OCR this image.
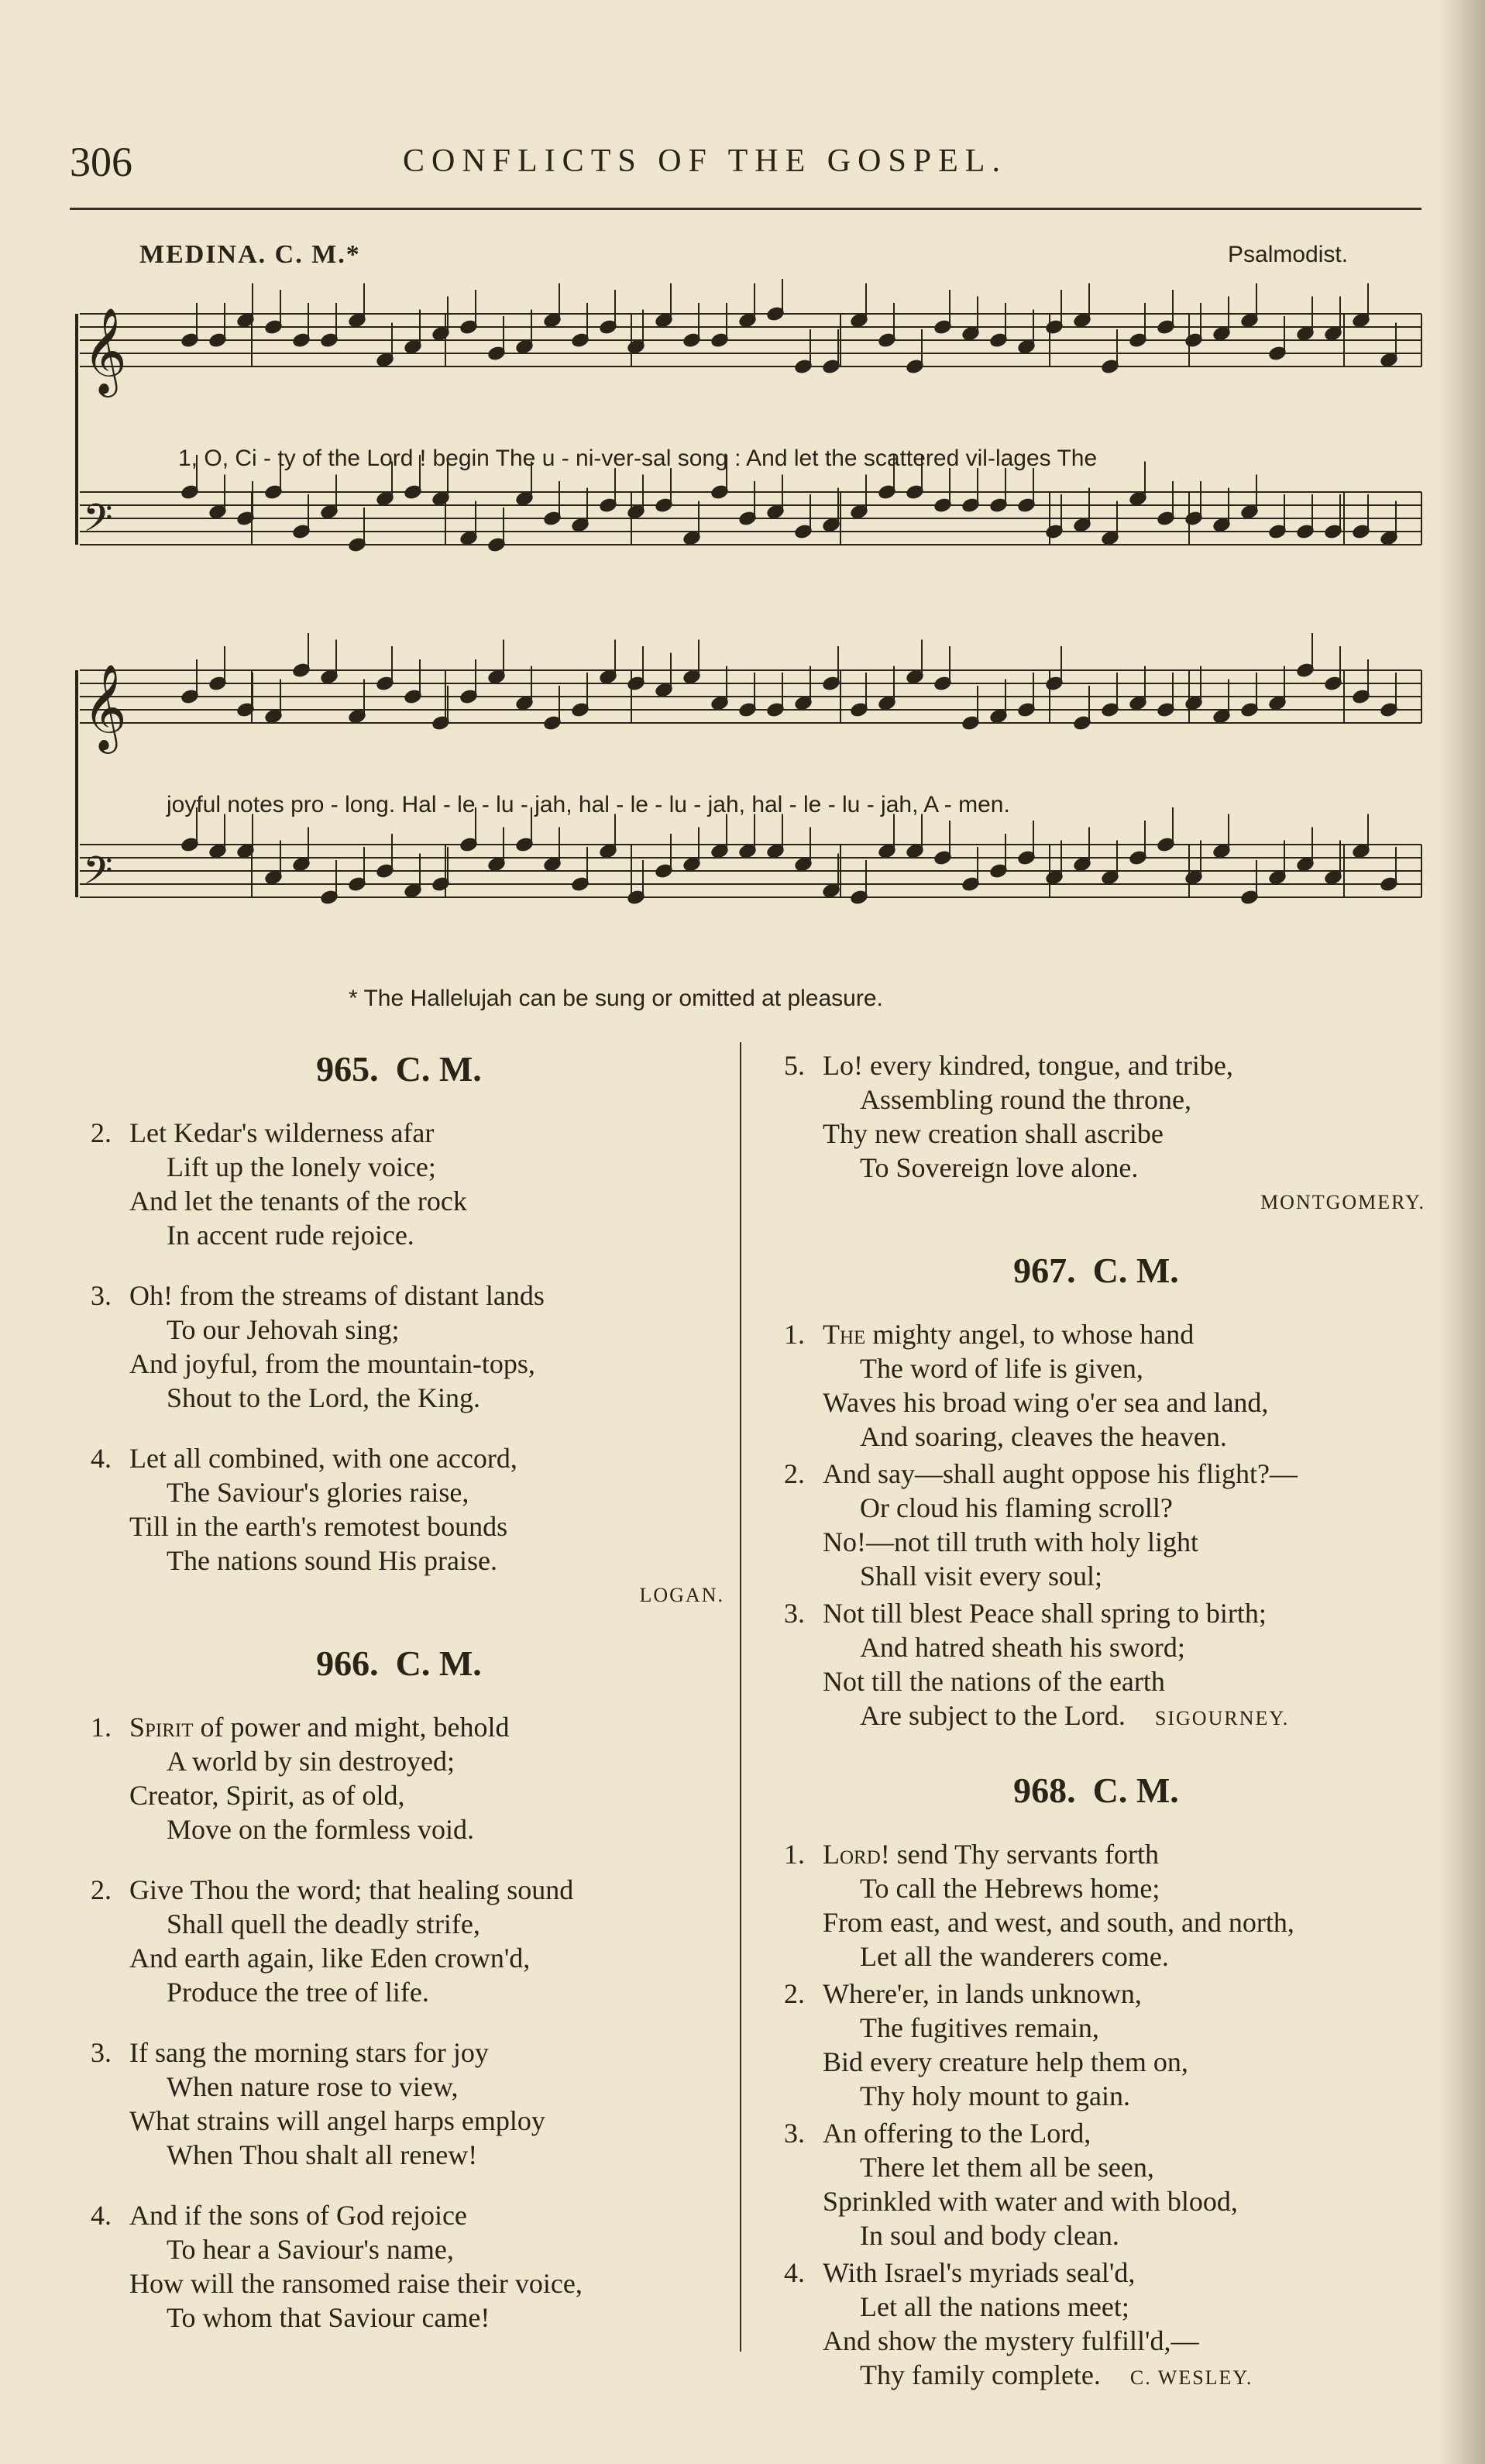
306	CONFLICTS OF THE GOSPEL.
MEDINA. C. M.*	Psalmodist.
𝄞
𝄢
𝄞
𝄢
1, O, Ci - ty of the Lord ! begin The u - ni-ver-sal song : And let the scattered vil-lages The
joyful notes pro - long. Hal - le - lu - jah, hal - le - lu - jah, hal - le - lu - jah, A - men.
* The Hallelujah can be sung or omitted at pleasure.
965. C. M.
2. Let Kedar's wilderness afar
Lift up the lonely voice;
And let the tenants of the rock
In accent rude rejoice.
3. Oh! from the streams of distant lands
To our Jehovah sing;
And joyful, from the mountain-tops,
Shout to the Lord, the King.
4. Let all combined, with one accord,
The Saviour's glories raise,
Till in the earth's remotest bounds
The nations sound His praise.
LOGAN.
966. C. M.
1. Spirit of power and might, behold
A world by sin destroyed;
Creator, Spirit, as of old,
Move on the formless void.
2. Give Thou the word; that healing sound
Shall quell the deadly strife,
And earth again, like Eden crown'd,
Produce the tree of life.
3. If sang the morning stars for joy
When nature rose to view,
What strains will angel harps employ
When Thou shalt all renew!
4. And if the sons of God rejoice
To hear a Saviour's name,
How will the ransomed raise their voice,
To whom that Saviour came!
5. Lo! every kindred, tongue, and tribe,
Assembling round the throne,
Thy new creation shall ascribe
To Sovereign love alone.
MONTGOMERY.
967. C. M.
1. The mighty angel, to whose hand
The word of life is given,
Waves his broad wing o'er sea and land,
And soaring, cleaves the heaven.
2. And say—shall aught oppose his flight?—
Or cloud his flaming scroll?
No!—not till truth with holy light
Shall visit every soul;
3. Not till blest Peace shall spring to birth;
And hatred sheath his sword;
Not till the nations of the earth
Are subject to the Lord. SIGOURNEY.
968. C. M.
1. Lord! send Thy servants forth
To call the Hebrews home;
From east, and west, and south, and north,
Let all the wanderers come.
2. Where'er, in lands unknown,
The fugitives remain,
Bid every creature help them on,
Thy holy mount to gain.
3. An offering to the Lord,
There let them all be seen,
Sprinkled with water and with blood,
In soul and body clean.
4. With Israel's myriads seal'd,
Let all the nations meet;
And show the mystery fulfill'd,—
Thy family complete. C. WESLEY.
